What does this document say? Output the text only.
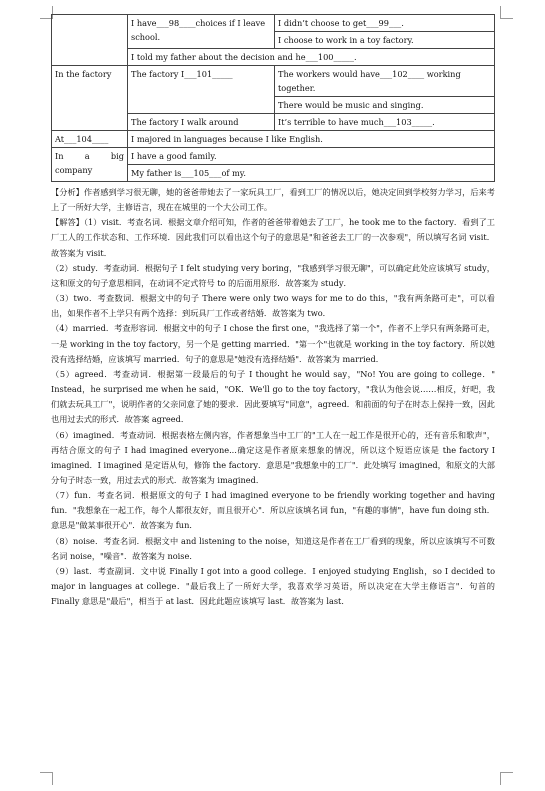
	I have___98____choices if I leave school.	I didn’t choose to get___99___.
		I choose to work in a toy factory.
	I told my father about the decision and he___100_____.	
In the factory	The factory I___101_____	The workers would have___102____ working together.
		There would be music and singing.
	The factory I walk around	It’s terrible to have much___103_____.
At___104____	I majored in languages because I like English.	
In a big company	I have a good family.	
	My father is___105___of my.	

【分析】作者感到学习很无聊，她的爸爸带她去了一家玩具工厂，看到工厂的情况以后，她决定回到学校努力学习，后来考上了一所好大学，主修语言，现在在城里的一个大公司工作。

【解答】（1）visit．考查名词．根据文章介绍可知，作者的爸爸带着她去了工厂，he took me to the factory．看到了工厂工人的工作状态和、工作环境．因此我们可以看出这个句子的意思是"和爸爸去工厂的一次参观"，所以填写名词 visit．故答案为 visit．

（2）study．考查动词．根据句子 I felt studying very boring，"我感到学习很无聊"，可以确定此处应该填写 study，这和原文的句子意思相同，在动词不定式符号 to 的后面用原形．故答案为 study．

（3）two．考查数词．根据文中的句子 There were only two ways for me to do this，"我有两条路可走"，可以看出，如果作者不上学只有两个选择：到玩具厂工作或者结婚．故答案为 two．

（4）married．考查形容词．根据文中的句子 I chose the first one，"我选择了第一个"，作者不上学只有两条路可走，一是 working in the toy factory，另一个是 getting married．"第一个"也就是 working in the toy factory．所以她没有选择结婚，应该填写 married．句子的意思是"她没有选择结婚"．故答案为 married．

（5）agreed．考查动词．根据第一段最后的句子 I thought he would say，"No! You are going to college．" Instead，he surprised me when he said，"OK．We'll go to the toy factory，"我认为他会说……相反，好吧，我们就去玩具工厂"，说明作者的父亲同意了她的要求．因此要填写"同意"，agreed．和前面的句子在时态上保持一致，因此也用过去式的形式．故答案 agreed．

（6）imagined．考查动词．根据表格左侧内容，作者想象当中工厂的"工人在一起工作是很开心的，还有音乐和歌声"，再结合原文的句子 I had imagined everyone...确定这是作者原来想象的情况，所以这个短语应该是 the factory I imagined．I imagined 是定语从句，修饰 the factory．意思是"我想象中的工厂"．此处填写 imagined，和原文的大部分句子时态一致，用过去式的形式．故答案为 imagined．

（7）fun．考查名词．根据原文的句子 I had imagined everyone to be friendly working together and having fun．"我想象在一起工作，每个人都很友好，而且很开心"．所以应该填名词 fun，"有趣的事情"，have fun doing sth．意思是"做某事很开心"．故答案为 fun．

（8）noise．考查名词．根据文中 and listening to the noise，知道这是作者在工厂看到的现象，所以应该填写不可数名词 noise，"噪音"．故答案为 noise．

（9）last．考查副词．文中说 Finally I got into a good college．I enjoyed studying English，so I decided to major in languages at college．"最后我上了一所好大学，我喜欢学习英语，所以决定在大学主修语言"．句首的 Finally 意思是"最后"，相当于 at last．因此此题应该填写 last．故答案为 last．
